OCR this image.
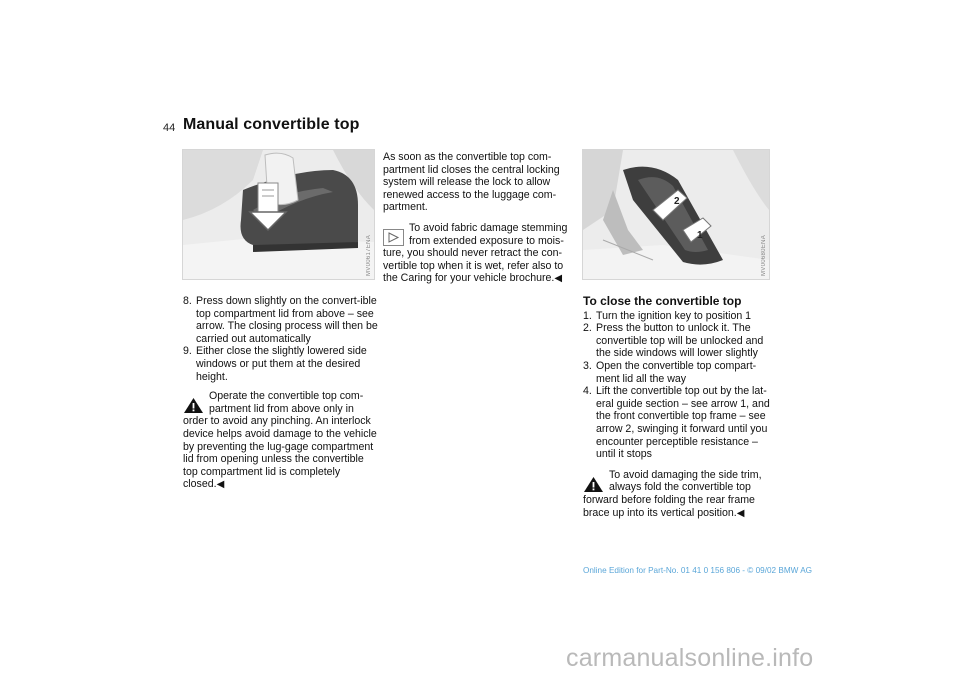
44 Manual convertible top
MV00617ENA
2
1	MV00680ENA
8. Press down slightly on the convert-ible top compartment lid from above – see arrow. The closing process will then be carried out automatically
9. Either close the slightly lowered side windows or put them at the desired height.
Operate the convertible top com-
partment lid from above only in
order to avoid any pinching. An interlock device helps avoid damage to the vehicle by preventing the lug-gage compartment lid from opening unless the convertible top compartment lid is completely closed.◀
As soon as the convertible top com-partment lid closes the central locking system will release the lock to allow renewed access to the luggage com-partment.
To avoid fabric damage stemming
from extended exposure to mois-
ture, you should never retract the con-vertible top when it is wet, refer also to the Caring for your vehicle brochure.◀
To close the convertible top
1. Turn the ignition key to position 1
2. Press the button to unlock it. The convertible top will be unlocked and the side windows will lower slightly
3. Open the convertible top compart-ment lid all the way
4. Lift the convertible top out by the lat-eral guide section – see arrow 1, and the front convertible top frame – see arrow 2, swinging it forward until you encounter perceptible resistance – until it stops
To avoid damaging the side trim,
always fold the convertible top
forward before folding the rear frame brace up into its vertical position.◀
Online Edition for Part-No. 01 41 0 156 806 - © 09/02 BMW AG
carmanualsonline.info
